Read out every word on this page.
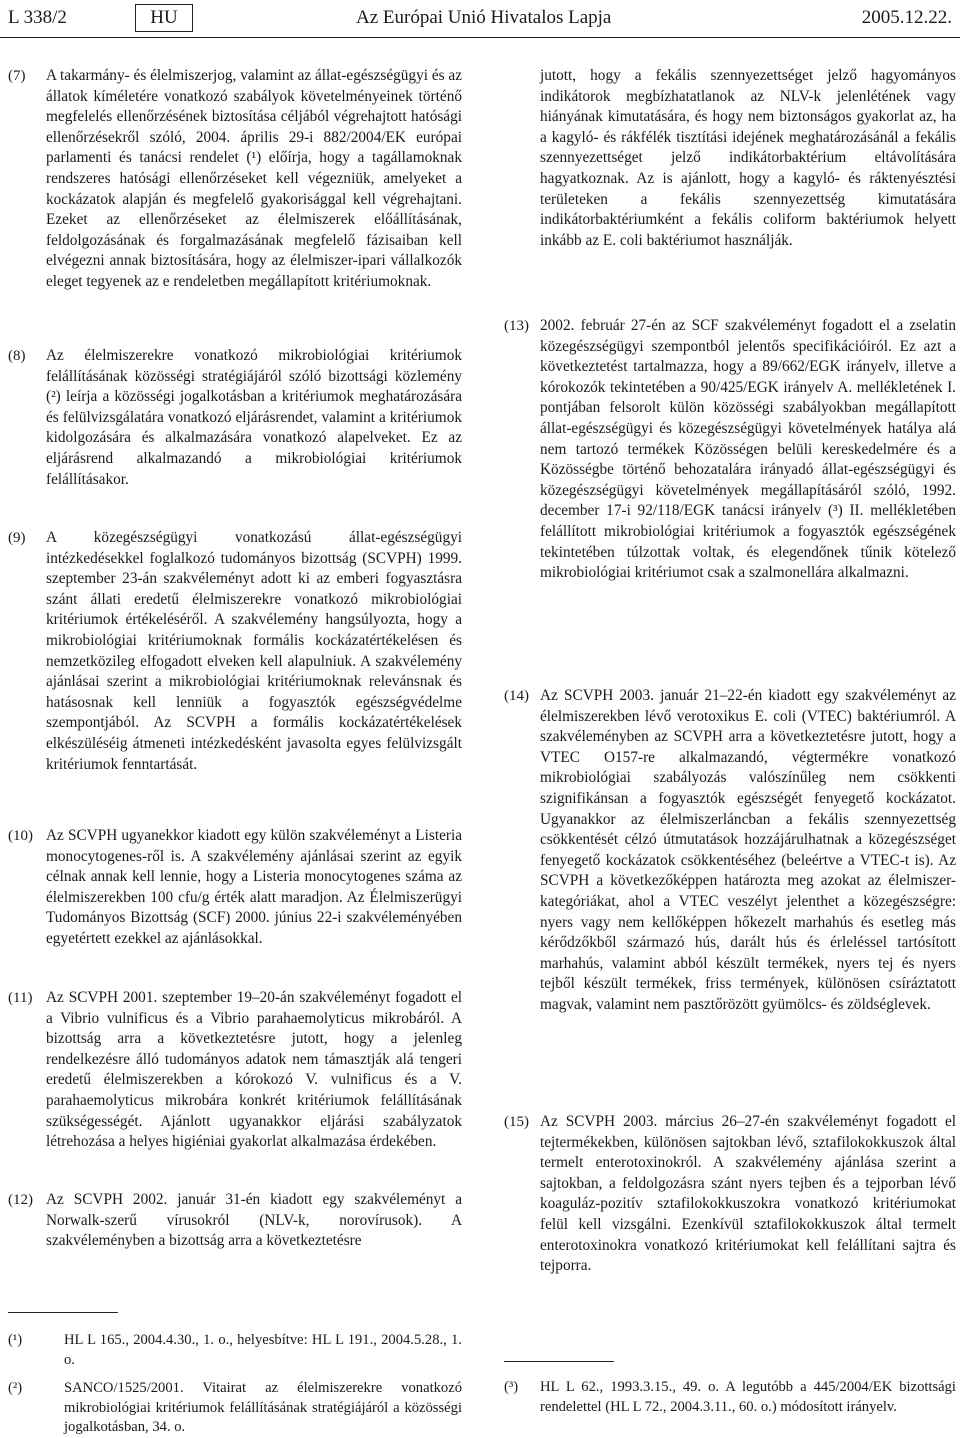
L 338/2	HU	Az Európai Unió Hivatalos Lapja	2005.12.22.
(7) A takarmány- és élelmiszerjog, valamint az állat-egészségügyi és az állatok kíméletére vonatkozó szabályok követelményeinek történő megfelelés ellenőrzésének biztosítása céljából végrehajtott hatósági ellenőrzésekről szóló, 2004. április 29-i 882/2004/EK európai parlamenti és tanácsi rendelet (¹) előírja, hogy a tagállamoknak rendszeres hatósági ellenőrzéseket kell végezniük, amelyeket a kockázatok alapján és megfelelő gyakorisággal kell végrehajtani. Ezeket az ellenőrzéseket az élelmiszerek előállításának, feldolgozásának és forgalmazásának megfelelő fázisaiban kell elvégezni annak biztosítására, hogy az élelmiszer-ipari vállalkozók eleget tegyenek az e rendeletben megállapított kritériumoknak.
(8) Az élelmiszerekre vonatkozó mikrobiológiai kritériumok felállításának közösségi stratégiájáról szóló bizottsági közlemény (²) leírja a közösségi jogalkotásban a kritériumok meghatározására és felülvizsgálatára vonatkozó eljárásrendet, valamint a kritériumok kidolgozására és alkalmazására vonatkozó alapelveket. Ez az eljárásrend alkalmazandó a mikrobiológiai kritériumok felállításakor.
(9) A közegészségügyi vonatkozású állat-egészségügyi intézkedésekkel foglalkozó tudományos bizottság (SCVPH) 1999. szeptember 23-án szakvéleményt adott ki az emberi fogyasztásra szánt állati eredetű élelmiszerekre vonatkozó mikrobiológiai kritériumok értékeléséről. A szakvélemény hangsúlyozta, hogy a mikrobiológiai kritériumoknak formális kockázatértékelésen és nemzetközileg elfogadott elveken kell alapulniuk. A szakvélemény ajánlásai szerint a mikrobiológiai kritériumoknak relevánsnak és hatásosnak kell lenniük a fogyasztók egészségvédelme szempontjából. Az SCVPH a formális kockázatértékelések elkészüléséig átmeneti intézkedésként javasolta egyes felülvizsgált kritériumok fenntartását.
(10) Az SCVPH ugyanekkor kiadott egy külön szakvéleményt a Listeria monocytogenes-ről is. A szakvélemény ajánlásai szerint az egyik célnak annak kell lennie, hogy a Listeria monocytogenes száma az élelmiszerekben 100 cfu/g érték alatt maradjon. Az Élelmiszerügyi Tudományos Bizottság (SCF) 2000. június 22-i szakvéleményében egyetértett ezekkel az ajánlásokkal.
(11) Az SCVPH 2001. szeptember 19–20-án szakvéleményt fogadott el a Vibrio vulnificus és a Vibrio parahaemolyticus mikrobáról. A bizottság arra a következtetésre jutott, hogy a jelenleg rendelkezésre álló tudományos adatok nem támasztják alá tengeri eredetű élelmiszerekben a kórokozó V. vulnificus és a V. parahaemolyticus mikrobára konkrét kritériumok felállításának szükségességét. Ajánlott ugyanakkor eljárási szabályzatok létrehozása a helyes higiéniai gyakorlat alkalmazása érdekében.
(12) Az SCVPH 2002. január 31-én kiadott egy szakvéleményt a Norwalk-szerű vírusokról (NLV-k, norovírusok). A szakvéleményben a bizottság arra a következtetésre
jutott, hogy a fekális szennyezettséget jelző hagyományos indikátorok megbízhatatlanok az NLV-k jelenlétének vagy hiányának kimutatására, és hogy nem biztonságos gyakorlat az, ha a kagyló- és rákfélék tisztítási idejének meghatározásánál a fekális szennyezettséget jelző indikátorbaktérium eltávolítására hagyatkoznak. Az is ajánlott, hogy a kagyló- és ráktenyésztési területeken a fekális szennyezettség kimutatására indikátorbaktériumként a fekális coliform baktériumok helyett inkább az E. coli baktériumot használják.
(13) 2002. február 27-én az SCF szakvéleményt fogadott el a zselatin közegészségügyi szempontból jelentős specifikációiról. Ez azt a következtetést tartalmazza, hogy a 89/662/EGK irányelv, illetve a kórokozók tekintetében a 90/425/EGK irányelv A. mellékletének I. pontjában felsorolt külön közösségi szabályokban megállapított állat-egészségügyi és közegészségügyi követelmények hatálya alá nem tartozó termékek Közösségen belüli kereskedelmére és a Közösségbe történő behozatalára irányadó állat-egészségügyi és közegészségügyi követelmények megállapításáról szóló, 1992. december 17-i 92/118/EGK tanácsi irányelv (³) II. mellékletében felállított mikrobiológiai kritériumok a fogyasztók egészségének tekintetében túlzottak voltak, és elegendőnek tűnik kötelező mikrobiológiai kritériumot csak a szalmonellára alkalmazni.
(14) Az SCVPH 2003. január 21–22-én kiadott egy szakvéleményt az élelmiszerekben lévő verotoxikus E. coli (VTEC) baktériumról. A szakvéleményben az SCVPH arra a következtetésre jutott, hogy a VTEC O157-re alkalmazandó, végtermékre vonatkozó mikrobiológiai szabályozás valószínűleg nem csökkenti szignifikánsan a fogyasztók egészségét fenyegető kockázatot. Ugyanakkor az élelmiszerláncban a fekális szennyezettség csökkentését célzó útmutatások hozzájárulhatnak a közegészséget fenyegető kockázatok csökkentéséhez (beleértve a VTEC-t is). Az SCVPH a következőképpen határozta meg azokat az élelmiszer-kategóriákat, ahol a VTEC veszélyt jelenthet a közegészségre: nyers vagy nem kellőképpen hőkezelt marhahús és esetleg más kérődzőkből származó hús, darált hús és érleléssel tartósított marhahús, valamint abból készült termékek, nyers tej és nyers tejből készült termékek, friss termények, különösen csíráztatott magvak, valamint nem pasztőrözött gyümölcs- és zöldséglevek.
(15) Az SCVPH 2003. március 26–27-én szakvéleményt fogadott el tejtermékekben, különösen sajtokban lévő, sztafilokokkuszok által termelt enterotoxinokról. A szakvélemény ajánlása szerint a sajtokban, a feldolgozásra szánt nyers tejben és a tejporban lévő koaguláz-pozitív sztafilokokkuszokra vonatkozó kritériumokat felül kell vizsgálni. Ezenkívül sztafilokokkuszok által termelt enterotoxinokra vonatkozó kritériumokat kell felállítani sajtra és tejporra.
(¹)	HL L 165., 2004.4.30., 1. o., helyesbítve: HL L 191., 2004.5.28., 1. o.
(²)	SANCO/1525/2001. Vitairat az élelmiszerekre vonatkozó mikrobiológiai kritériumok felállításának stratégiájáról a közösségi jogalkotásban, 34. o.
(³) HL L 62., 1993.3.15., 49. o. A legutóbb a 445/2004/EK bizottsági rendelettel (HL L 72., 2004.3.11., 60. o.) módosított irányelv.
